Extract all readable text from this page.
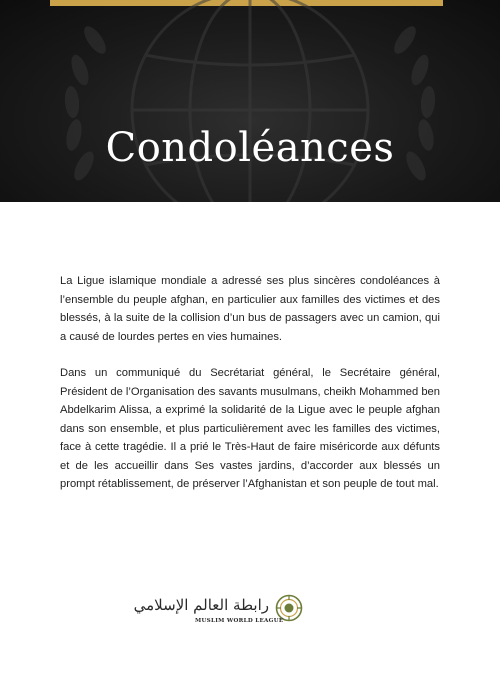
Condoléances

La Ligue islamique mondiale a adressé ses plus sincères condoléances à l’ensemble du peuple afghan, en particulier aux familles des victimes et des blessés, à la suite de la collision d’un bus de passagers avec un camion, qui a causé de lourdes pertes en vies humaines.

Dans un communiqué du Secrétariat général, le Secrétaire général, Président de l’Organisation des savants musulmans, cheikh Mohammed ben Abdelkarim Alissa, a exprimé la solidarité de la Ligue avec le peuple afghan dans son ensemble, et plus particulièrement avec les familles des victimes, face à cette tragédie. Il a prié le Très-Haut de faire miséricorde aux défunts et de les accueillir dans Ses vastes jardins, d’accorder aux blessés un prompt rétablissement, de préserver l’Afghanistan et son peuple de tout mal.

رابطة العالم الإسلامي
MUSLIM WORLD LEAGUE
